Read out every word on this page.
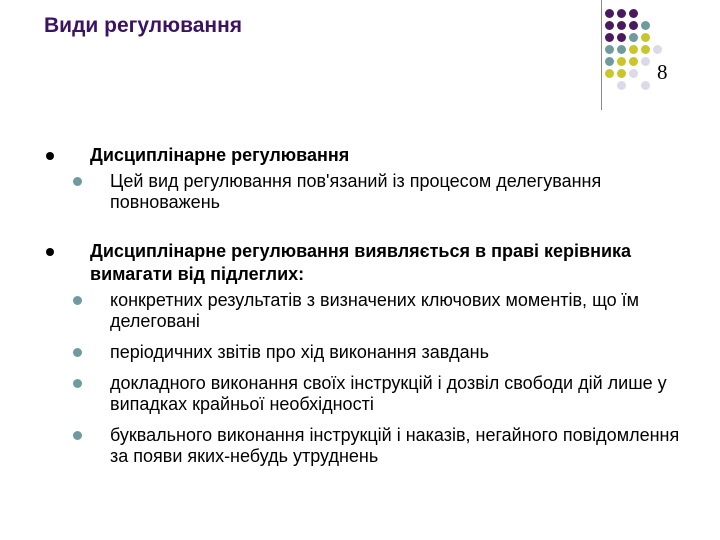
Види регулювання
8
Дисциплінарне регулювання
Цей вид регулювання пов'язаний із процесом делегування повноважень
Дисциплінарне регулювання виявляється в праві керівника вимагати від підлеглих:
конкретних результатів з визначених ключових моментів, що їм делеговані
періодичних звітів про хід виконання завдань
докладного виконання своїх інструкцій і дозвіл свободи дій лише у випадках крайньої необхідності
буквального виконання інструкцій і наказів, негайного повідомлення за появи яких-небудь утруднень
